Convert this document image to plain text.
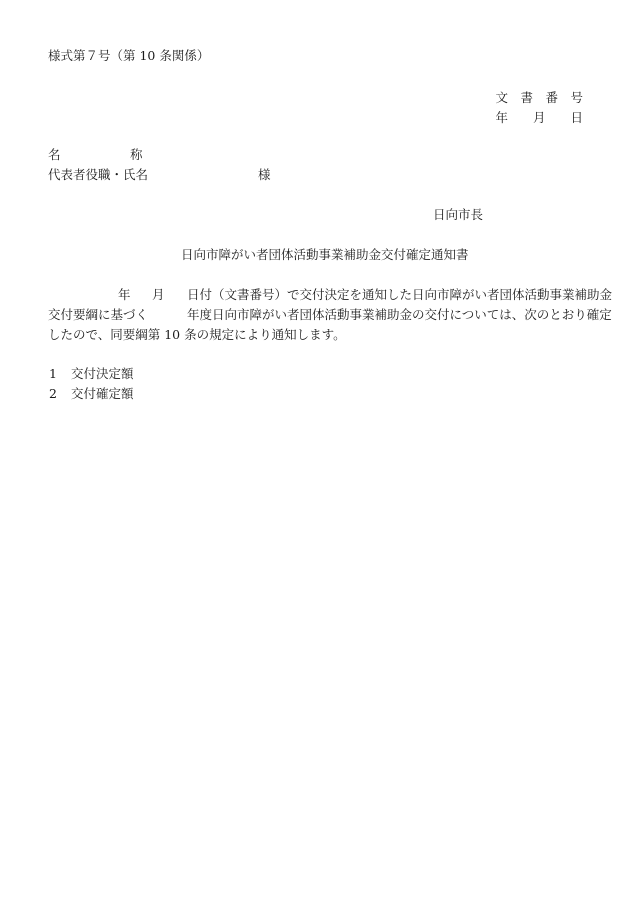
様式第７号（第 10 条関係）
文　書　番　号
年　　月　　日
名	称
代表者役職・氏名	様
日向市長
日向市障がい者団体活動事業補助金交付確定通知書
年 月 日付（文書番号）で交付決定を通知した日向市障がい者団体活動事業補助金
交付要綱に基づく	年度日向市障がい者団体活動事業補助金の交付については、次のとおり確定
したので、同要綱第 10 条の規定により通知します。
1 交付決定額
2 交付確定額
